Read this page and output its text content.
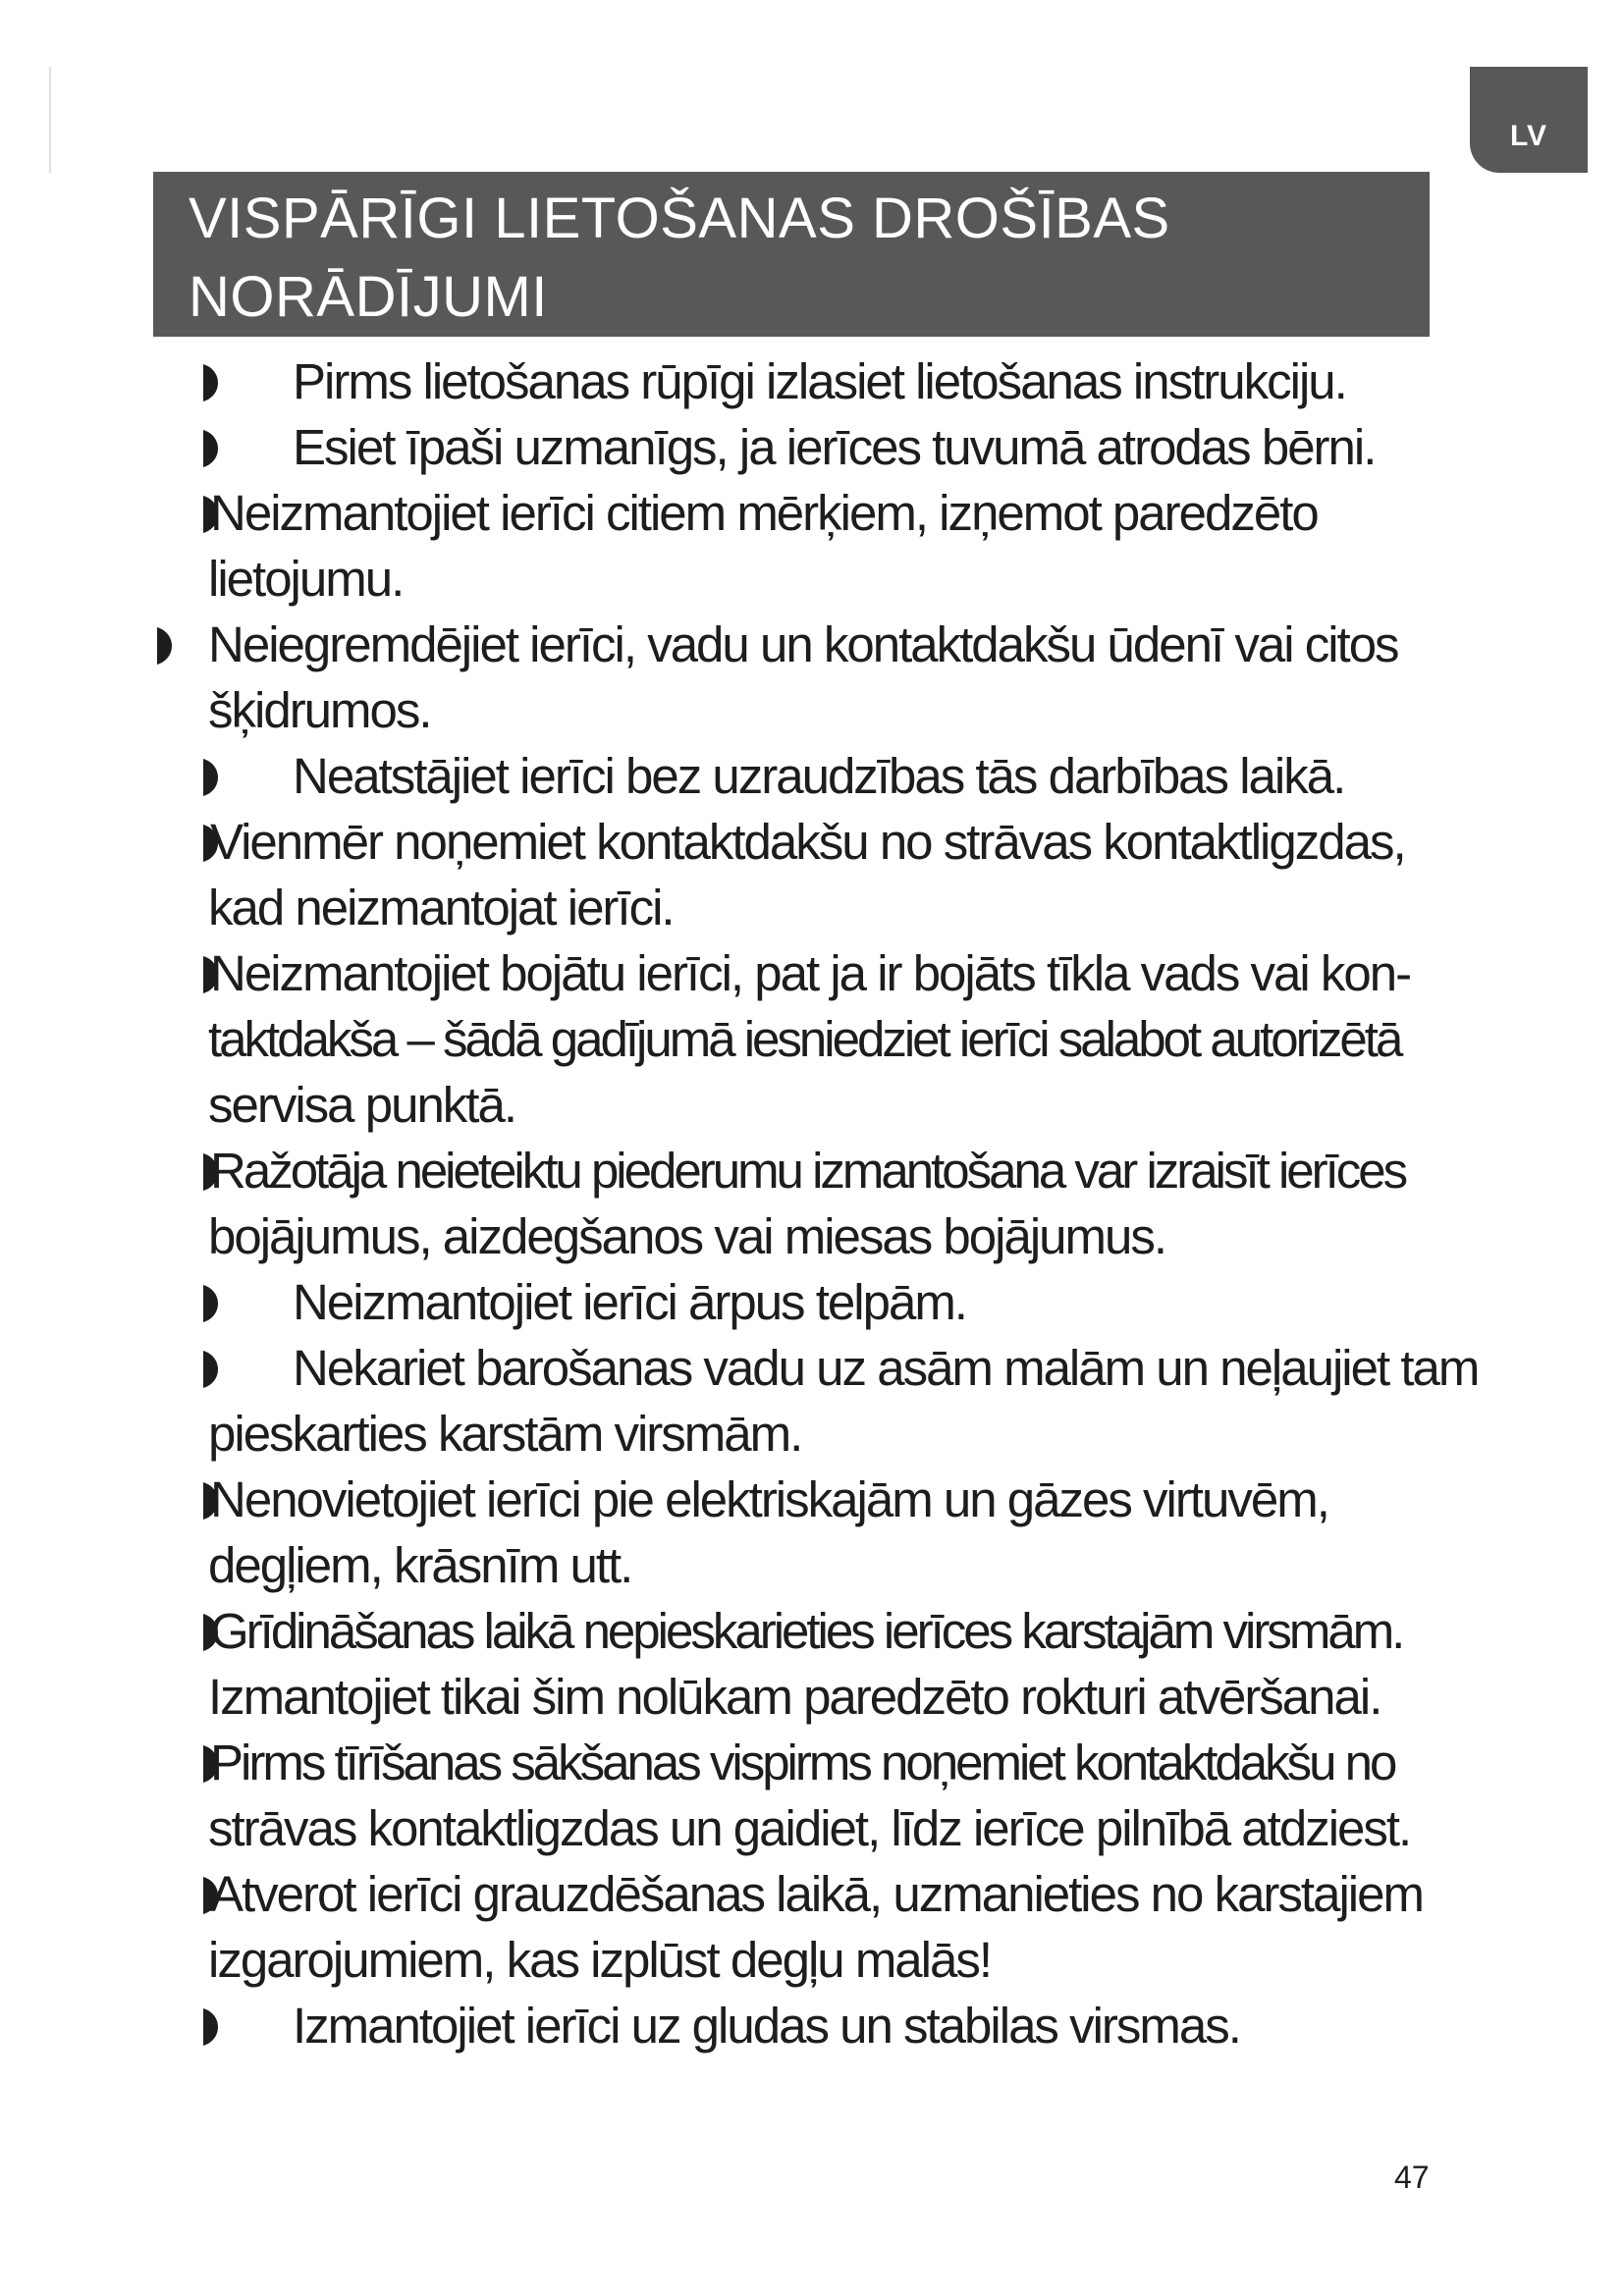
LV
VISPĀRĪGI LIETOŠANAS DROŠĪBAS
NORĀDĪJUMI
Pirms lietošanas rūpīgi izlasiet lietošanas instrukciju.
Esiet īpaši uzmanīgs, ja ierīces tuvumā atrodas bērni.
Neizmantojiet ierīci citiem mērķiem, izņemot paredzēto
lietojumu.
Neiegremdējiet ierīci, vadu un kontaktdakšu ūdenī vai citos
šķidrumos.
Neatstājiet ierīci bez uzraudzības tās darbības laikā.
Vienmēr noņemiet kontaktdakšu no strāvas kontaktligzdas,
kad neizmantojat ierīci.
Neizmantojiet bojātu ierīci, pat ja ir bojāts tīkla vads vai kon-
taktdakša – šādā gadījumā iesniedziet ierīci salabot autorizētā
servisa punktā.
Ražotāja neieteiktu piederumu izmantošana var izraisīt ierīces
bojājumus, aizdegšanos vai miesas bojājumus.
Neizmantojiet ierīci ārpus telpām.
Nekariet barošanas vadu uz asām malām un neļaujiet tam
pieskarties karstām virsmām.
Nenovietojiet ierīci pie elektriskajām un gāzes virtuvēm,
degļiem, krāsnīm utt.
Grīdināšanas laikā nepieskarieties ierīces karstajām virsmām.
Izmantojiet tikai šim nolūkam paredzēto rokturi atvēršanai.
Pirms tīrīšanas sākšanas vispirms noņemiet kontaktdakšu no
strāvas kontaktligzdas un gaidiet, līdz ierīce pilnībā atdziest.
Atverot ierīci grauzdēšanas laikā, uzmanieties no karstajiem
izgarojumiem, kas izplūst degļu malās!
Izmantojiet ierīci uz gludas un stabilas virsmas.
47
